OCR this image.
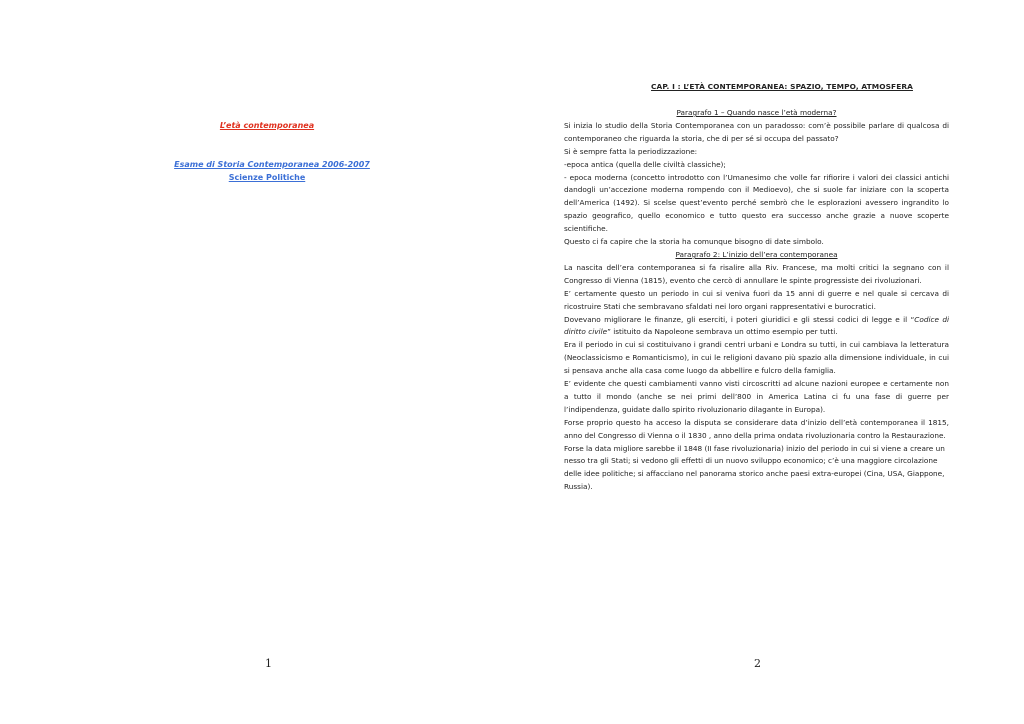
L’età contemporanea

Esame di Storia Contemporanea 2006-2007

Scienze Politiche

1

CAP. I : L’ETÀ CONTEMPORANEA: SPAZIO, TEMPO, ATMOSFERA

Paragrafo 1 – Quando nasce l’età moderna?

Si inizia lo studio della Storia Contemporanea con un paradosso: com’è possibile parlare di qualcosa di contemporaneo che riguarda la storia, che di per sé si occupa del passato?

Si è sempre fatta la periodizzazione:

-epoca antica (quella delle civiltà classiche);

- epoca moderna (concetto introdotto con l’Umanesimo che volle far rifiorire i valori dei classici antichi dandogli un’accezione moderna rompendo con il Medioevo), che si suole far iniziare con la scoperta dell’America (1492). Si scelse quest’evento perché sembrò che le esplorazioni avessero ingrandito lo spazio geografico, quello economico e tutto questo era successo anche grazie a nuove scoperte scientifiche.

Questo ci fa capire che la storia ha comunque bisogno di date simbolo.

Paragrafo 2: L’inizio dell’era contemporanea

La nascita dell’era contemporanea si fa risalire alla Riv. Francese, ma molti critici la segnano con il Congresso di Vienna (1815), evento che cercò di annullare le spinte progressiste dei rivoluzionari.

E’ certamente questo un periodo in cui si veniva fuori da 15 anni di guerre e nel quale si cercava di ricostruire Stati che sembravano sfaldati nei loro organi rappresentativi e burocratici.

Dovevano migliorare le finanze, gli eserciti, i poteri giuridici e gli stessi codici di legge e il “Codice di diritto civile” istituito da Napoleone sembrava un ottimo esempio per tutti.

Era il periodo in cui si costituivano i grandi centri urbani e Londra su tutti, in cui cambiava la letteratura (Neoclassicismo e Romanticismo), in cui le religioni davano più spazio alla dimensione individuale, in cui si pensava anche alla casa come luogo da abbellire e fulcro della famiglia.

E’ evidente che questi cambiamenti vanno visti circoscritti ad alcune nazioni europee e certamente non a tutto il mondo (anche se nei primi dell’800 in America Latina ci fu una fase di guerre per l’indipendenza, guidate dallo spirito rivoluzionario dilagante in Europa).

Forse proprio questo ha acceso la disputa se considerare data d’inizio dell’età contemporanea il 1815, anno del Congresso di Vienna o il 1830 , anno della prima ondata rivoluzionaria contro la Restaurazione.

Forse la data migliore sarebbe il 1848 (II fase rivoluzionaria) inizio del periodo in cui si viene a creare un nesso tra gli Stati; si vedono gli effetti di un nuovo sviluppo economico; c’è una maggiore circolazione delle idee politiche; si affacciano nel panorama storico anche paesi extra-europei (Cina, USA, Giappone, Russia).

2
